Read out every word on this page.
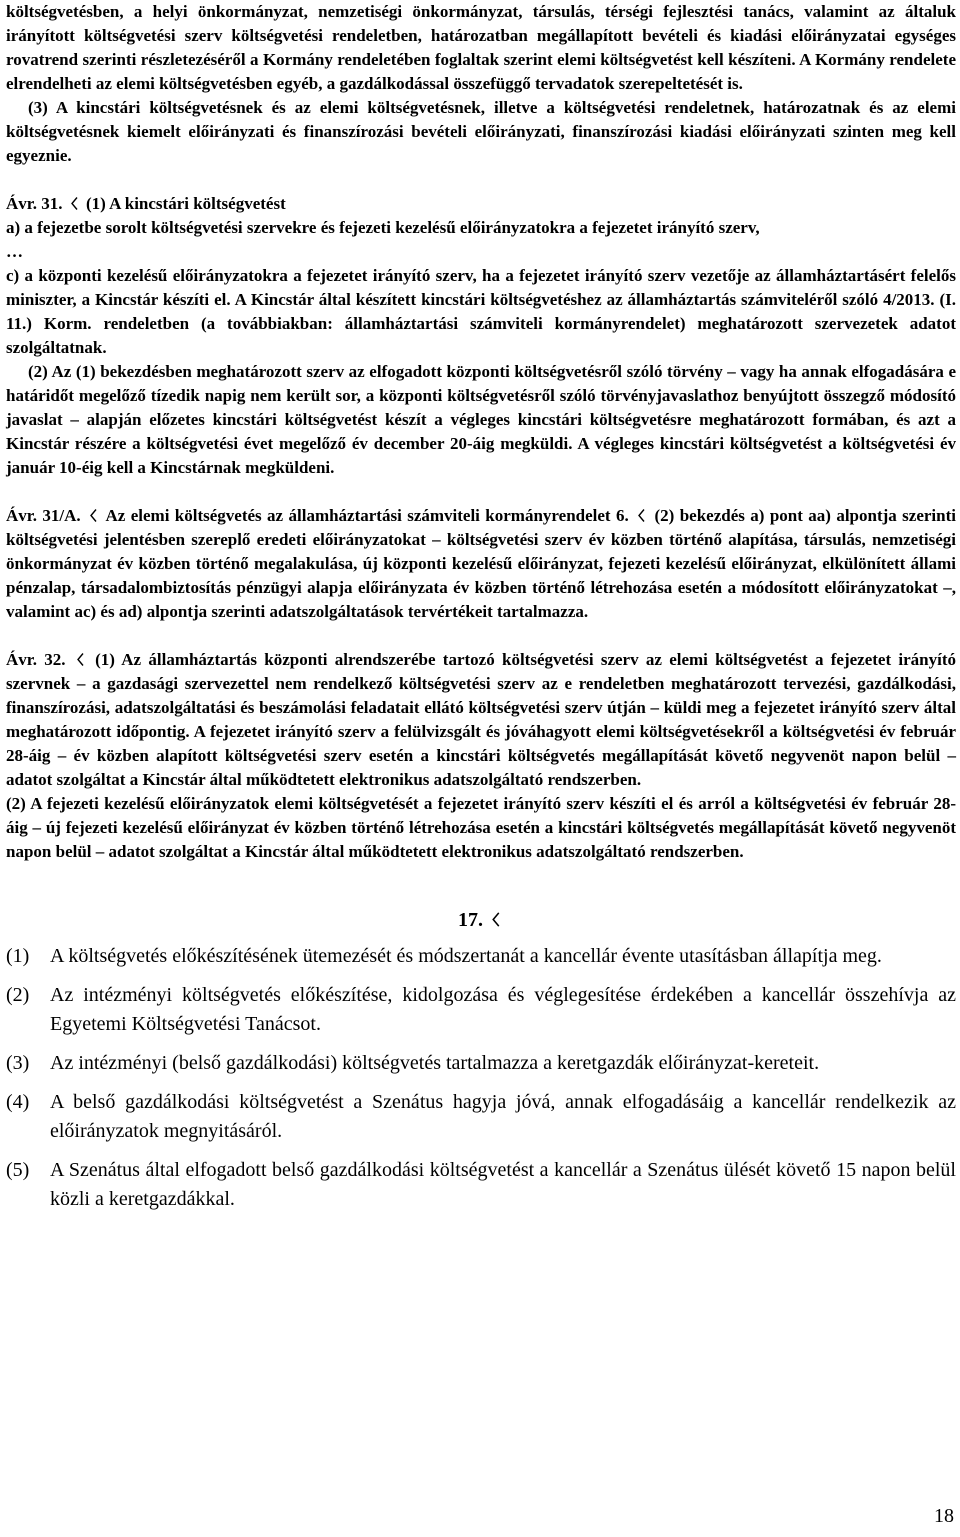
költségvetésben, a helyi önkormányzat, nemzetiségi önkormányzat, társulás, térségi fejlesztési tanács, valamint az általuk irányított költségvetési szerv költségvetési rendeletben, határozatban megállapított bevételi és kiadási előirányzatai egységes rovatrend szerinti részletezéséről a Kormány rendeletében foglaltak szerint elemi költségvetést kell készíteni. A Kormány rendelete elrendelheti az elemi költségvetésben egyéb, a gazdálkodással összefüggő tervadatok szerepeltetését is.

(3) A kincstári költségvetésnek és az elemi költségvetésnek, illetve a költségvetési rendeletnek, határozatnak és az elemi költségvetésnek kiemelt előirányzati és finanszírozási bevételi előirányzati, finanszírozási kiadási előirányzati szinten meg kell egyeznie.

Ávr. 31. (1) A kincstári költségvetést

a) a fejezetbe sorolt költségvetési szervekre és fejezeti kezelésű előirányzatokra a fejezetet irányító szerv,

…

c) a központi kezelésű előirányzatokra a fejezetet irányító szerv, ha a fejezetet irányító szerv vezetője az államháztartásért felelős miniszter, a Kincstár készíti el. A Kincstár által készített kincstári költségvetéshez az államháztartás számviteléről szóló 4/2013. (I. 11.) Korm. rendeletben (a továbbiakban: államháztartási számviteli kormányrendelet) meghatározott szervezetek adatot szolgáltatnak.

(2) Az (1) bekezdésben meghatározott szerv az elfogadott központi költségvetésről szóló törvény – vagy ha annak elfogadására e határidőt megelőző tízedik napig nem került sor, a központi költségvetésről szóló törvényjavaslathoz benyújtott összegző módosító javaslat – alapján előzetes kincstári költségvetést készít a végleges kincstári költségvetésre meghatározott formában, és azt a Kincstár részére a költségvetési évet megelőző év december 20-áig megküldi. A végleges kincstári költségvetést a költségvetési év január 10-éig kell a Kincstárnak megküldeni.

Ávr. 31/A. Az elemi költségvetés az államháztartási számviteli kormányrendelet 6. (2) bekezdés a) pont aa) alpontja szerinti költségvetési jelentésben szereplő eredeti előirányzatokat – költségvetési szerv év közben történő alapítása, társulás, nemzetiségi önkormányzat év közben történő megalakulása, új központi kezelésű előirányzat, fejezeti kezelésű előirányzat, elkülönített állami pénzalap, társadalombiztosítás pénzügyi alapja előirányzata év közben történő létrehozása esetén a módosított előirányzatokat –, valamint ac) és ad) alpontja szerinti adatszolgáltatások tervértékeit tartalmazza.

Ávr. 32. (1) Az államháztartás központi alrendszerébe tartozó költségvetési szerv az elemi költségvetést a fejezetet irányító szervnek – a gazdasági szervezettel nem rendelkező költségvetési szerv az e rendeletben meghatározott tervezési, gazdálkodási, finanszírozási, adatszolgáltatási és beszámolási feladatait ellátó költségvetési szerv útján – küldi meg a fejezetet irányító szerv által meghatározott időpontig. A fejezetet irányító szerv a felülvizsgált és jóváhagyott elemi költségvetésekről a költségvetési év február 28-áig – év közben alapított költségvetési szerv esetén a kincstári költségvetés megállapítását követő negyvenöt napon belül – adatot szolgáltat a Kincstár által működtetett elektronikus adatszolgáltató rendszerben.

(2) A fejezeti kezelésű előirányzatok elemi költségvetését a fejezetet irányító szerv készíti el és arról a költségvetési év február 28-áig – új fejezeti kezelésű előirányzat év közben történő létrehozása esetén a kincstári költségvetés megállapítását követő negyvenöt napon belül – adatot szolgáltat a Kincstár által működtetett elektronikus adatszolgáltató rendszerben.

17.
(1)	A költségvetés előkészítésének ütemezését és módszertanát a kancellár évente utasításban állapítja meg.
(2)	Az intézményi költségvetés előkészítése, kidolgozása és véglegesítése érdekében a kancellár összehívja az Egyetemi Költségvetési Tanácsot.
(3)	Az intézményi (belső gazdálkodási) költségvetés tartalmazza a keretgazdák előirányzat-kereteit.
(4)	A belső gazdálkodási költségvetést a Szenátus hagyja jóvá, annak elfogadásáig a kancellár rendelkezik az előirányzatok megnyitásáról.
(5)	A Szenátus által elfogadott belső gazdálkodási költségvetést a kancellár a Szenátus ülését követő 15 napon belül közli a keretgazdákkal.
18
